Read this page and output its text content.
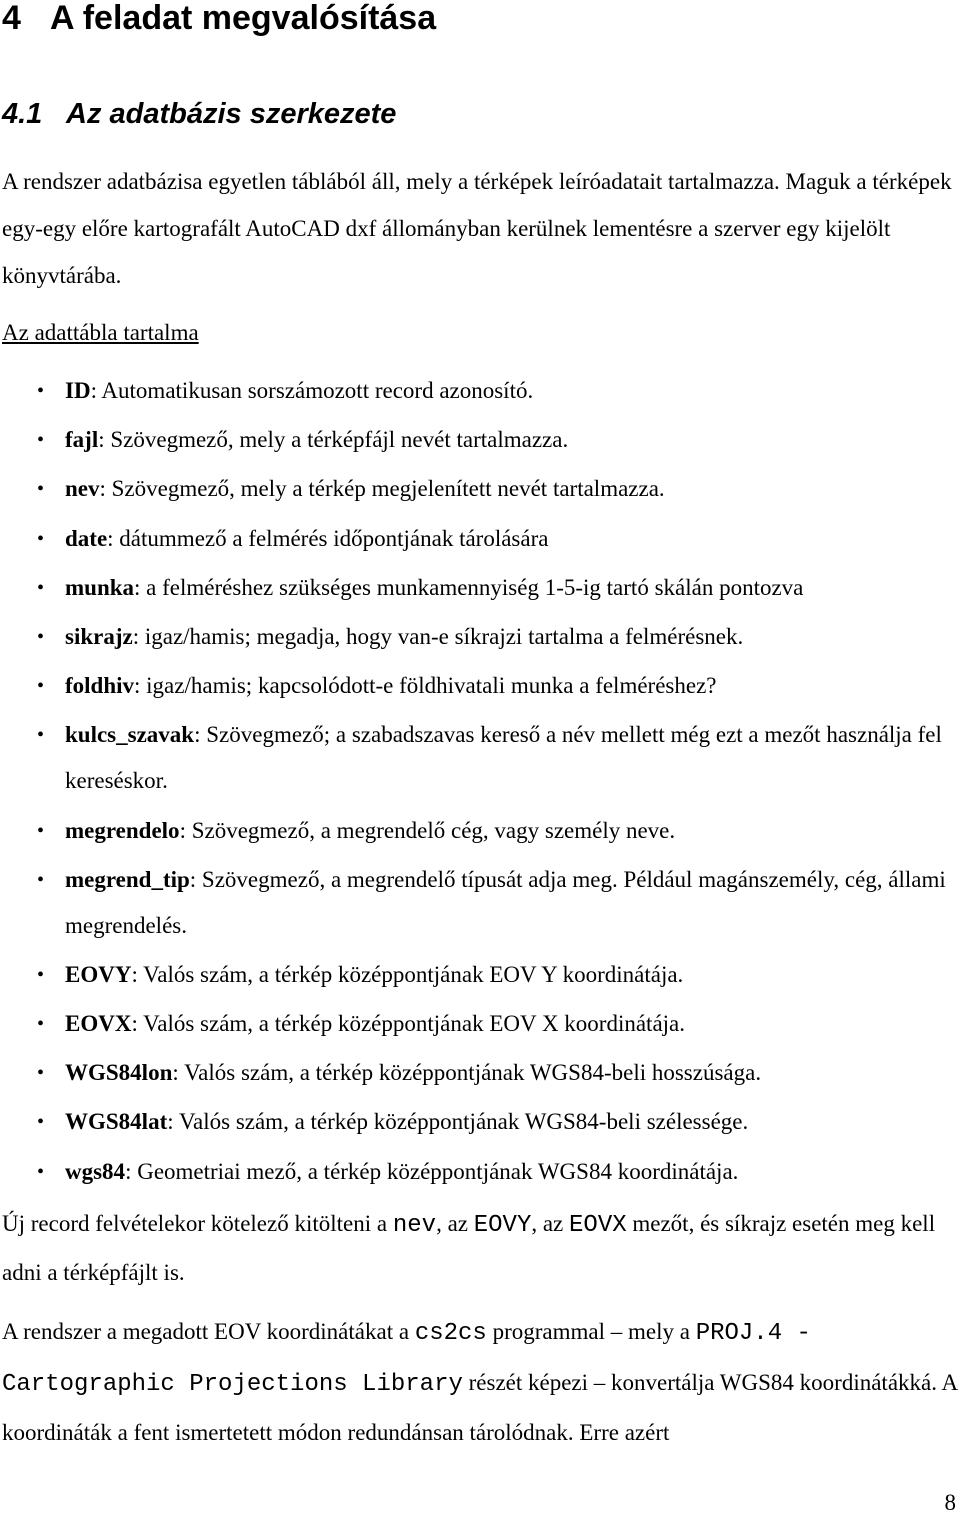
4 A feladat megvalósítása
4.1 Az adatbázis szerkezete

A rendszer adatbázisa egyetlen táblából áll, mely a térképek leíróadatait tartalmazza. Maguk a térképek egy-egy előre kartografált AutoCAD dxf állományban kerülnek lementésre a szerver egy kijelölt könyvtárába.

Az adattábla tartalma

• ID: Automatikusan sorszámozott record azonosító.
• fajl: Szövegmező, mely a térképfájl nevét tartalmazza.
• nev: Szövegmező, mely a térkép megjelenített nevét tartalmazza.
• date: dátummező a felmérés időpontjának tárolására
• munka: a felméréshez szükséges munkamennyiség 1-5-ig tartó skálán pontozva
• sikrajz: igaz/hamis; megadja, hogy van-e síkrajzi tartalma a felmérésnek.
• foldhiv: igaz/hamis; kapcsolódott-e földhivatali munka a felméréshez?
• kulcs_szavak: Szövegmező; a szabadszavas kereső a név mellett még ezt a mezőt használja fel kereséskor.
• megrendelo: Szövegmező, a megrendelő cég, vagy személy neve.
• megrend_tip: Szövegmező, a megrendelő típusát adja meg. Például magánszemély, cég, állami megrendelés.
• EOVY: Valós szám, a térkép középpontjának EOV Y koordinátája.
• EOVX: Valós szám, a térkép középpontjának EOV X koordinátája.
• WGS84lon: Valós szám, a térkép középpontjának WGS84-beli hosszúsága.
• WGS84lat: Valós szám, a térkép középpontjának WGS84-beli szélessége.
• wgs84: Geometriai mező, a térkép középpontjának WGS84 koordinátája.

Új record felvételekor kötelező kitölteni a nev, az EOVY, az EOVX mezőt, és síkrajz esetén meg kell adni a térképfájlt is.

A rendszer a megadott EOV koordinátákat a cs2cs programmal – mely a PROJ.4 - Cartographic Projections Library részét képezi – konvertálja WGS84 koordinátákká. A koordináták a fent ismertetett módon redundánsan tárolódnak. Erre azért

8
